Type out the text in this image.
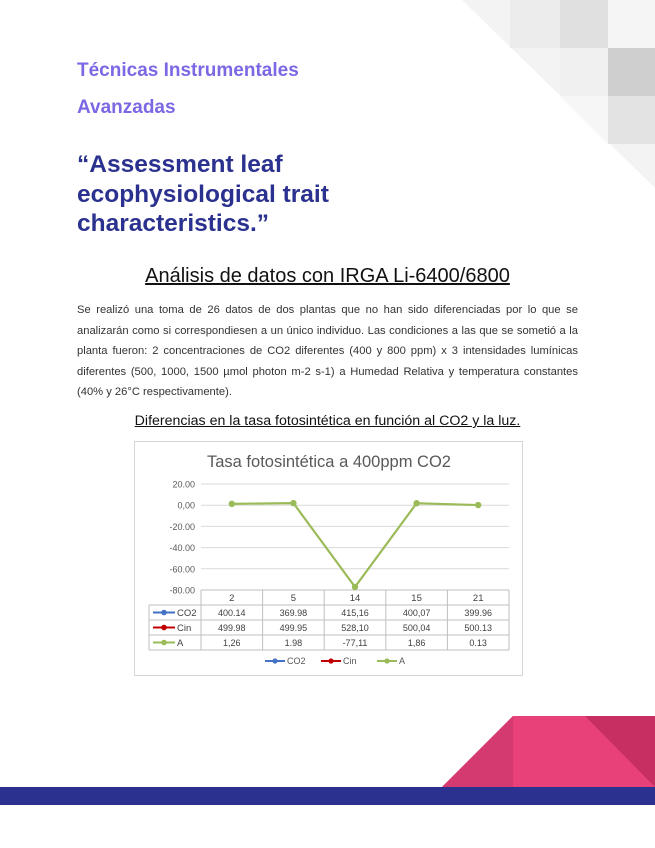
Técnicas Instrumentales
Avanzadas
“Assessment leaf ecophysiological trait characteristics.”
Análisis de datos con IRGA Li-6400/6800
Se realizó una toma de 26 datos de dos plantas que no han sido diferenciadas por lo que se analizarán como si correspondiesen a un único individuo. Las condiciones a las que se sometió a la planta fueron: 2 concentraciones de CO2 diferentes (400 y 800 ppm) x 3 intensidades lumínicas diferentes (500, 1000, 1500 µmol photon m-2 s-1) a Humedad Relativa y temperatura constantes (40% y 26°C respectivamente).
Diferencias en la tasa fotosintética en función al CO2 y la luz.
Tasa fotosintética a 400ppm CO2
20.00
0,00
-20.00
-40.00
-60.00
-80.00
2	5	14	15	21
CO2 400.14	369.98	415,16	400,07	399.96
Cin	499.98	499.95	528,10	500,04	500.13
A	1,26	1.98	-77,11	1,86	0.13
CO2	Cin	A
